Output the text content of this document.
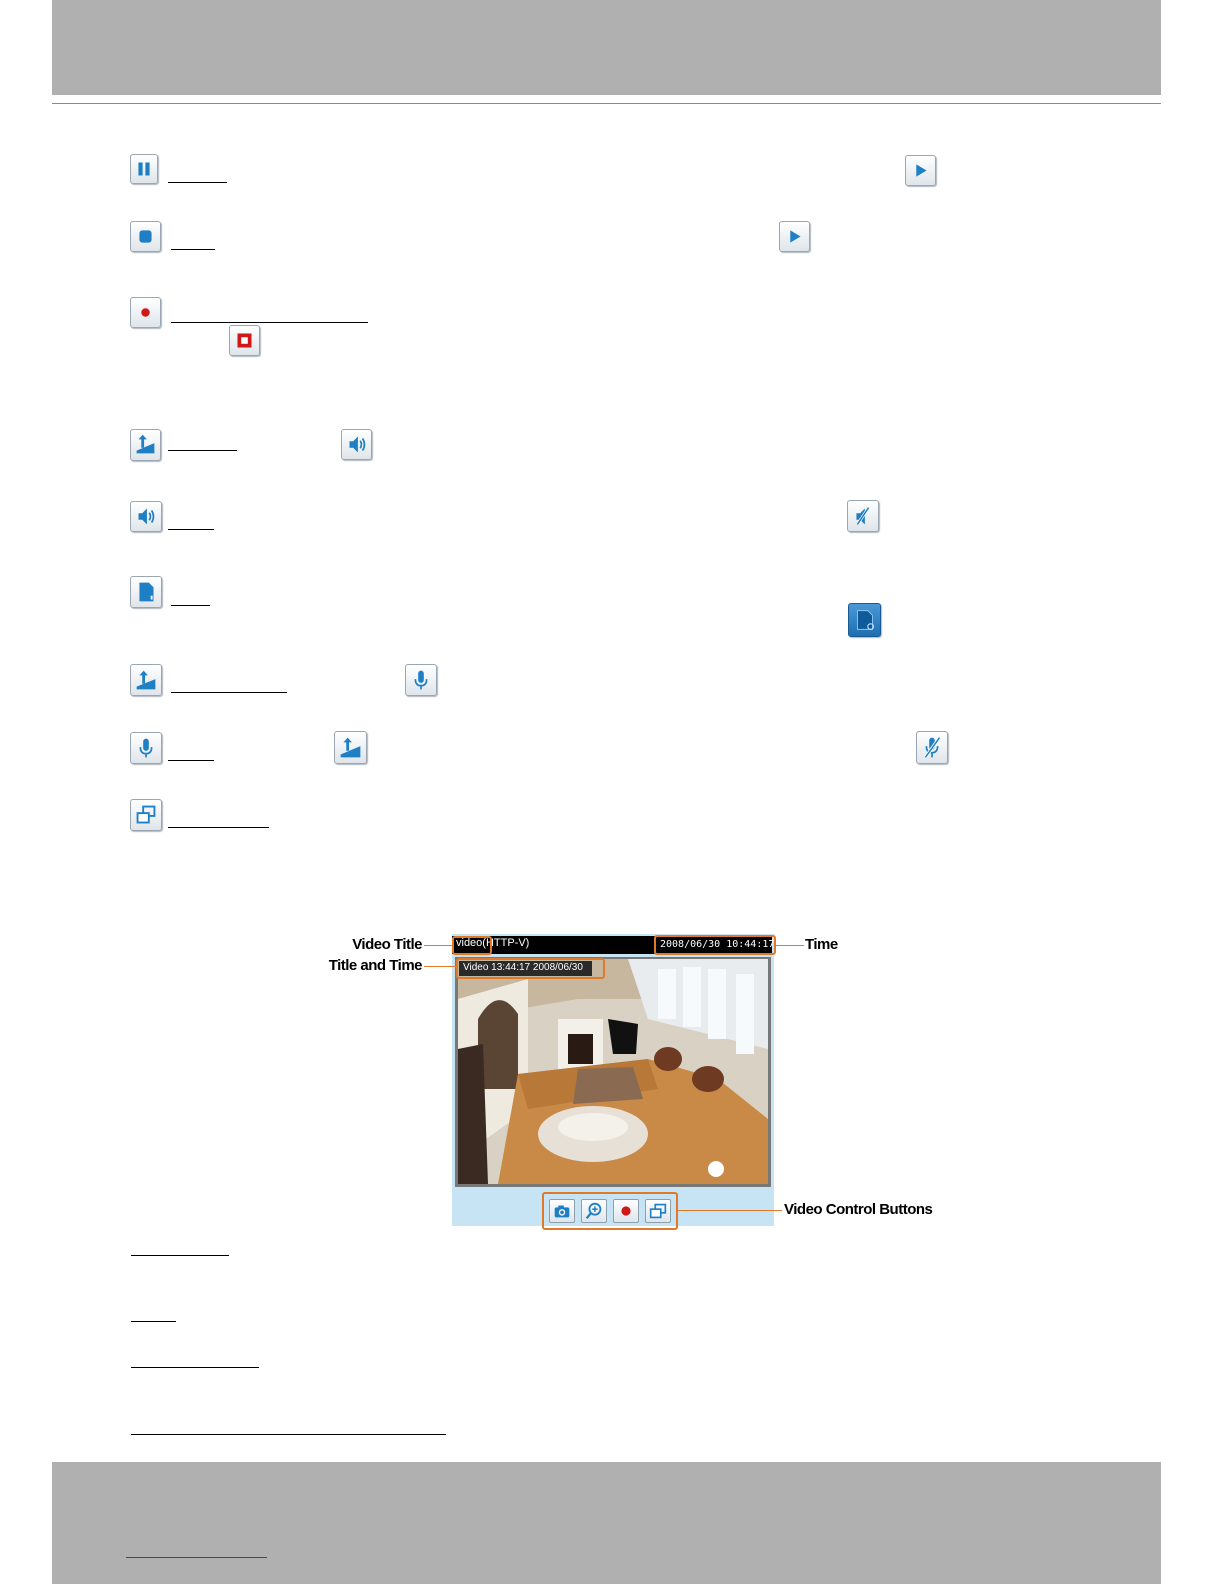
Video Title
Title and Time
Time
Video Control Buttons
video(HTTP-V)	2008/06/30 10:44:17
Video 13:44:17 2008/06/30
